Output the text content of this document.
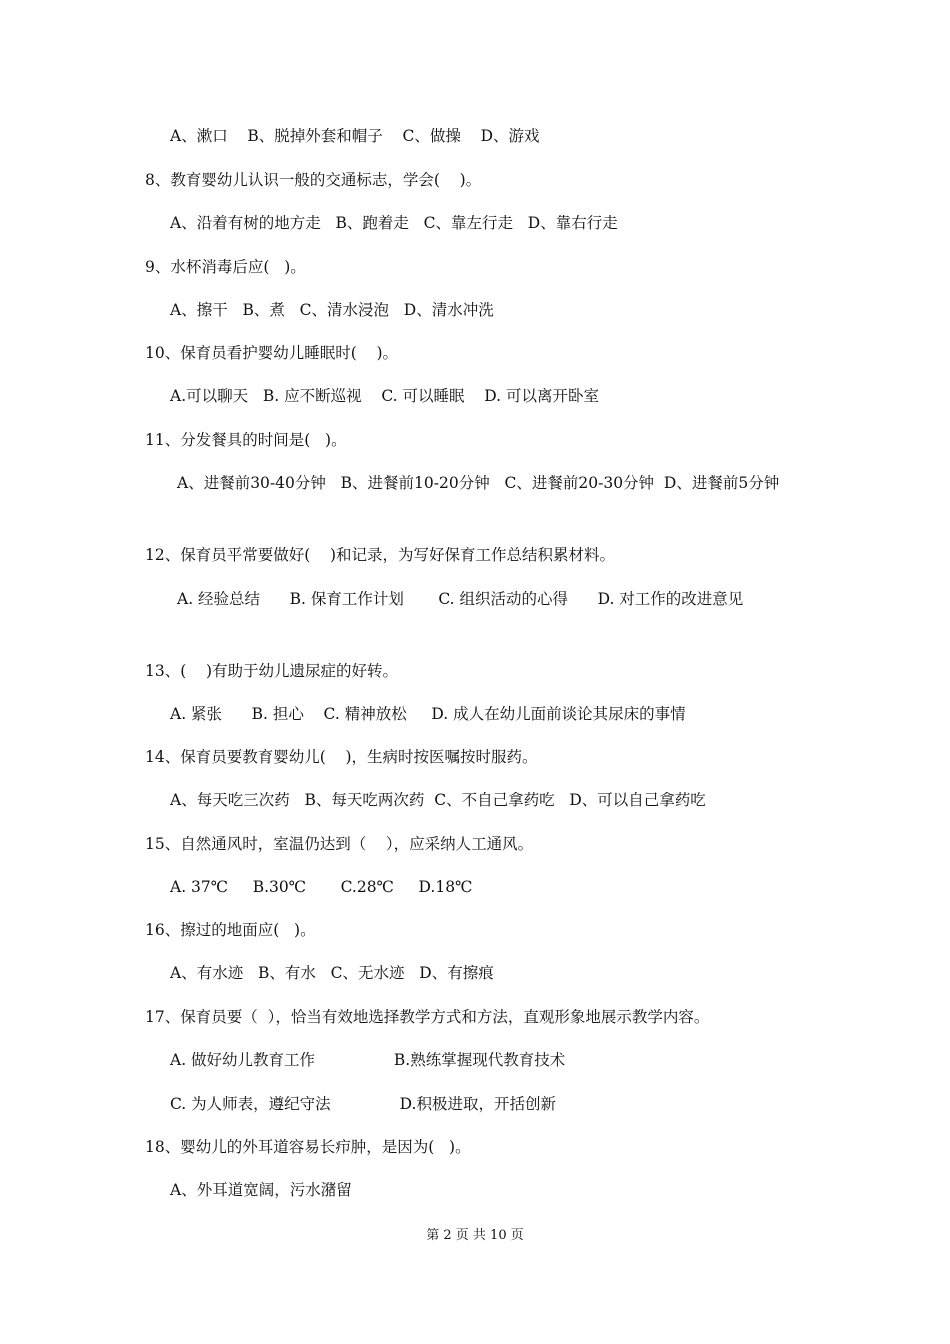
A、漱口    B、脱掉外套和帽子    C、做操    D、游戏
8、教育婴幼儿认识一般的交通标志，学会(    )。
A、沿着有树的地方走   B、跑着走   C、靠左行走   D、靠右行走
9、水杯消毒后应(   )。
A、擦干   B、煮   C、清水浸泡   D、清水冲洗
10、保育员看护婴幼儿睡眠时(    )。
A.可以聊天   B. 应不断巡视    C. 可以睡眠    D. 可以离开卧室
11、分发餐具的时间是(   )。
A、进餐前30-40分钟   B、进餐前10-20分钟   C、进餐前20-30分钟  D、进餐前5分钟
12、保育员平常要做好(    )和记录，为写好保育工作总结积累材料。
A. 经验总结      B. 保育工作计划       C. 组织活动的心得      D. 对工作的改进意见
13、(    )有助于幼儿遗尿症的好转。
A. 紧张      B. 担心    C. 精神放松     D. 成人在幼儿面前谈论其尿床的事情
14、保育员要教育婴幼儿(    )，生病时按医嘱按时服药。
A、每天吃三次药   B、每天吃两次药  C、不自己拿药吃   D、可以自己拿药吃
15、自然通风时，室温仍达到（    ），应采纳人工通风。
A. 37℃     B.30℃       C.28℃     D.18℃
16、擦过的地面应(   )。
A、有水迹   B、有水   C、无水迹   D、有擦痕
17、保育员要（  ），恰当有效地选择教学方式和方法，直观形象地展示教学内容。
A. 做好幼儿教育工作                B.熟练掌握现代教育技术
C. 为人师表，遵纪守法              D.积极进取，开括创新
18、婴幼儿的外耳道容易长疖肿，是因为(   )。
A、外耳道宽阔，污水潴留
第 2 页 共 10 页
